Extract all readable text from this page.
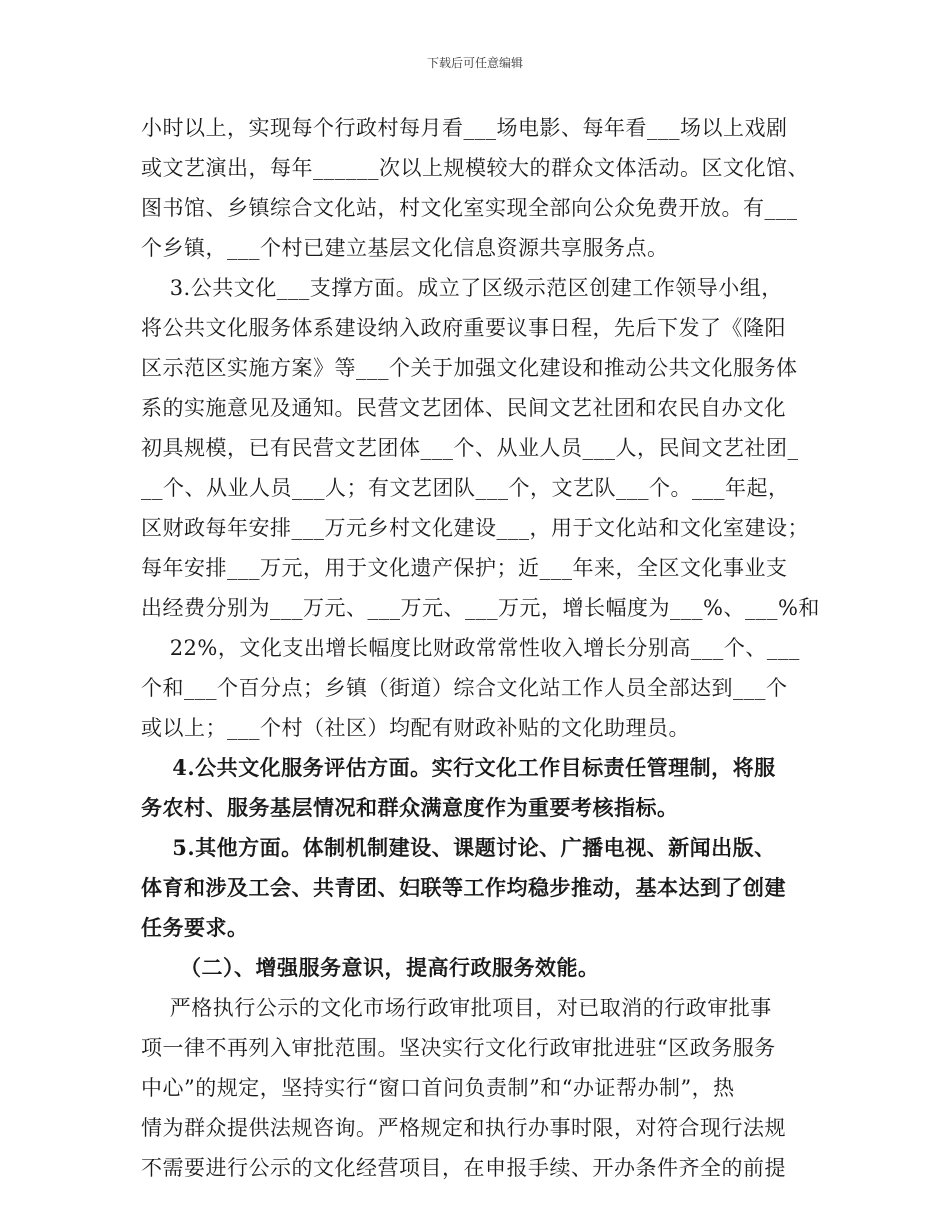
下载后可任意编辑
小时以上，实现每个行政村每月看___场电影、每年看___场以上戏剧
或文艺演出，每年______次以上规模较大的群众文体活动。区文化馆、
图书馆、乡镇综合文化站，村文化室实现全部向公众免费开放。有___
个乡镇，___个村已建立基层文化信息资源共享服务点。
3.公共文化___支撑方面。成立了区级示范区创建工作领导小组，
将公共文化服务体系建设纳入政府重要议事日程，先后下发了《隆阳
区示范区实施方案》等___个关于加强文化建设和推动公共文化服务体
系的实施意见及通知。民营文艺团体、民间文艺社团和农民自办文化
初具规模，已有民营文艺团体___个、从业人员___人，民间文艺社团_
__个、从业人员___人；有文艺团队___个，文艺队___个。___年起，
区财政每年安排___万元乡村文化建设___，用于文化站和文化室建设；
每年安排___万元，用于文化遗产保护；近___年来，全区文化事业支
出经费分别为___万元、___万元、___万元，增长幅度为___%、___%和
22%，文化支出增长幅度比财政常常性收入增长分别高___个、___
个和___个百分点；乡镇（街道）综合文化站工作人员全部达到___个
或以上；___个村（社区）均配有财政补贴的文化助理员。
4.公共文化服务评估方面。实行文化工作目标责任管理制，将服
务农村、服务基层情况和群众满意度作为重要考核指标。
5.其他方面。体制机制建设、课题讨论、广播电视、新闻出版、
体育和涉及工会、共青团、妇联等工作均稳步推动，基本达到了创建
任务要求。
（二）、增强服务意识，提高行政服务效能。
严格执行公示的文化市场行政审批项目，对已取消的行政审批事
项一律不再列入审批范围。坚决实行文化行政审批进驻“区政务服务
中心”的规定，坚持实行“窗口首问负责制”和“办证帮办制”，热
情为群众提供法规咨询。严格规定和执行办事时限，对符合现行法规
不需要进行公示的文化经营项目，在申报手续、开办条件齐全的前提
